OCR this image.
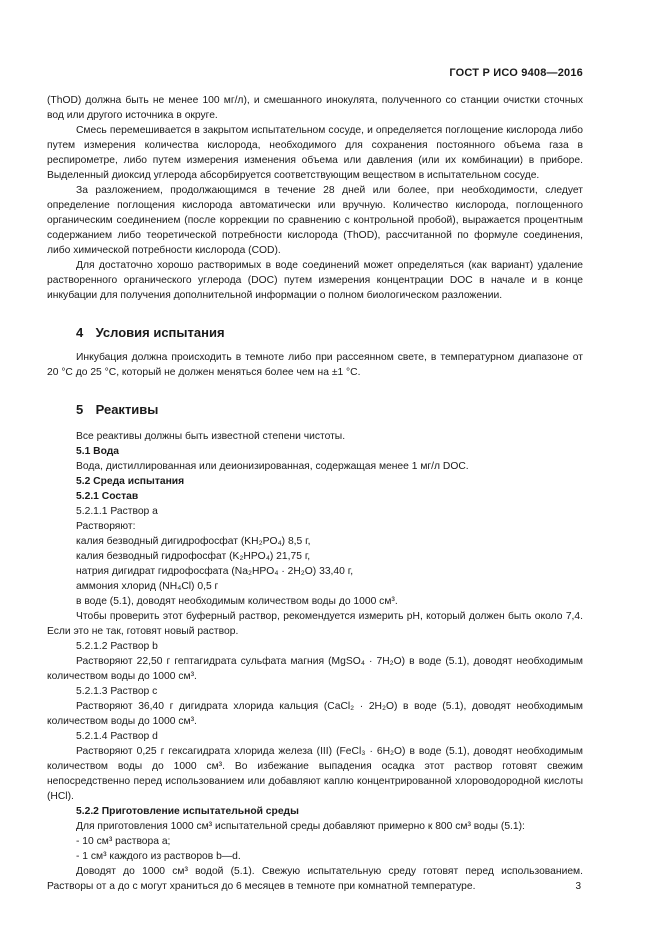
ГОСТ Р ИСО 9408—2016

(ThOD) должна быть не менее 100 мг/л), и смешанного инокулята, полученного со станции очистки сточных вод или другого источника в округе.

Смесь перемешивается в закрытом испытательном сосуде, и определяется поглощение кислорода либо путем измерения количества кислорода, необходимого для сохранения постоянного объема газа в респирометре, либо путем измерения изменения объема или давления (или их комбинации) в приборе. Выделенный диоксид углерода абсорбируется соответствующим веществом в испытательном сосуде.

За разложением, продолжающимся в течение 28 дней или более, при необходимости, следует определение поглощения кислорода автоматически или вручную. Количество кислорода, поглощенного органическим соединением (после коррекции по сравнению с контрольной пробой), выражается процентным содержанием либо теоретической потребности кислорода (ThOD), рассчитанной по формуле соединения, либо химической потребности кислорода (COD).

Для достаточно хорошо растворимых в воде соединений может определяться (как вариант) удаление растворенного органического углерода (DOC) путем измерения концентрации DOC в начале и в конце инкубации для получения дополнительной информации о полном биологическом разложении.

4 Условия испытания

Инкубация должна происходить в темноте либо при рассеянном свете, в температурном диапазоне от 20 °С до 25 °С, который не должен меняться более чем на ±1 °С.

5 Реактивы

Все реактивы должны быть известной степени чистоты.

5.1 Вода

Вода, дистиллированная или деионизированная, содержащая менее 1 мг/л DOC.

5.2 Среда испытания

5.2.1 Состав

5.2.1.1 Раствор a

Растворяют:

калия безводный дигидрофосфат (KH₂PO₄) 8,5 г,

калия безводный гидрофосфат (K₂HPO₄) 21,75 г,

натрия дигидрат гидрофосфата (Na₂HPO₄ · 2H₂O) 33,40 г,

аммония хлорид (NH₄Cl) 0,5 г

в воде (5.1), доводят необходимым количеством воды до 1000 см³.

Чтобы проверить этот буферный раствор, рекомендуется измерить pH, который должен быть около 7,4. Если это не так, готовят новый раствор.

5.2.1.2 Раствор b

Растворяют 22,50 г гептагидрата сульфата магния (MgSO₄ · 7H₂O) в воде (5.1), доводят необходимым количеством воды до 1000 см³.

5.2.1.3 Раствор c

Растворяют 36,40 г дигидрата хлорида кальция (CaCl₂ · 2H₂O) в воде (5.1), доводят необходимым количеством воды до 1000 см³.

5.2.1.4 Раствор d

Растворяют 0,25 г гексагидрата хлорида железа (III) (FeCl₃ · 6H₂O) в воде (5.1), доводят необходимым количеством воды до 1000 см³. Во избежание выпадения осадка этот раствор готовят свежим непосредственно перед использованием или добавляют каплю концентрированной хлороводородной кислоты (HCl).

5.2.2 Приготовление испытательной среды

Для приготовления 1000 см³ испытательной среды добавляют примерно к 800 см³ воды (5.1):

- 10 см³ раствора a;

- 1 см³ каждого из растворов b—d.

Доводят до 1000 см³ водой (5.1). Свежую испытательную среду готовят перед использованием. Растворы от a до c могут храниться до 6 месяцев в темноте при комнатной температуре.	3
